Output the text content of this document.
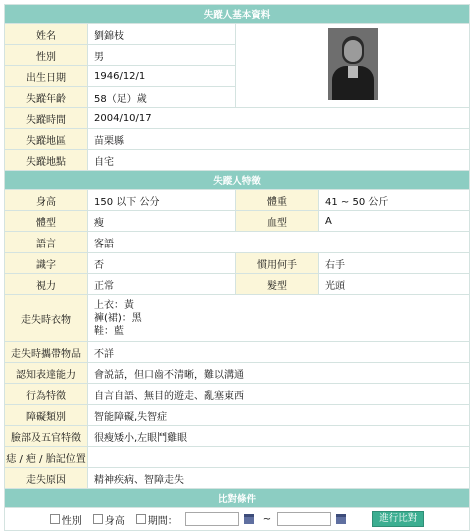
失蹤人基本資料			
姓名	劉錦枝		

性別	男		
出生日期	1946/12/1		
失蹤年齡	58（足）歲		
失蹤時間	2004/10/17		
失蹤地區	苗栗縣		
失蹤地點	自宅		
失蹤人特徵			
身高	150 以下 公分	體重	41 ~ 50 公斤
體型	瘦	血型	A
語言	客語		
識字	否	慣用何手	右手
視力	正常	髮型	光頭
走失時衣物	上衣：黃
褲(裙)：黑
鞋：藍		

走失時攜帶物品	不詳		
認知表達能力	會説話，但口齒不清晰，難以溝通		
行為特徵	自言自語、無目的遊走、亂塞東西		
障礙類別	智能障礙,失智症		
臉部及五官特徵	很瘦矮小,左眼鬥雞眼		
痣 / 疤 / 胎記位置			
走失原因	精神疾病、智障走失		
比對條件			

性別 身高 期間： ~ 進行比對			
